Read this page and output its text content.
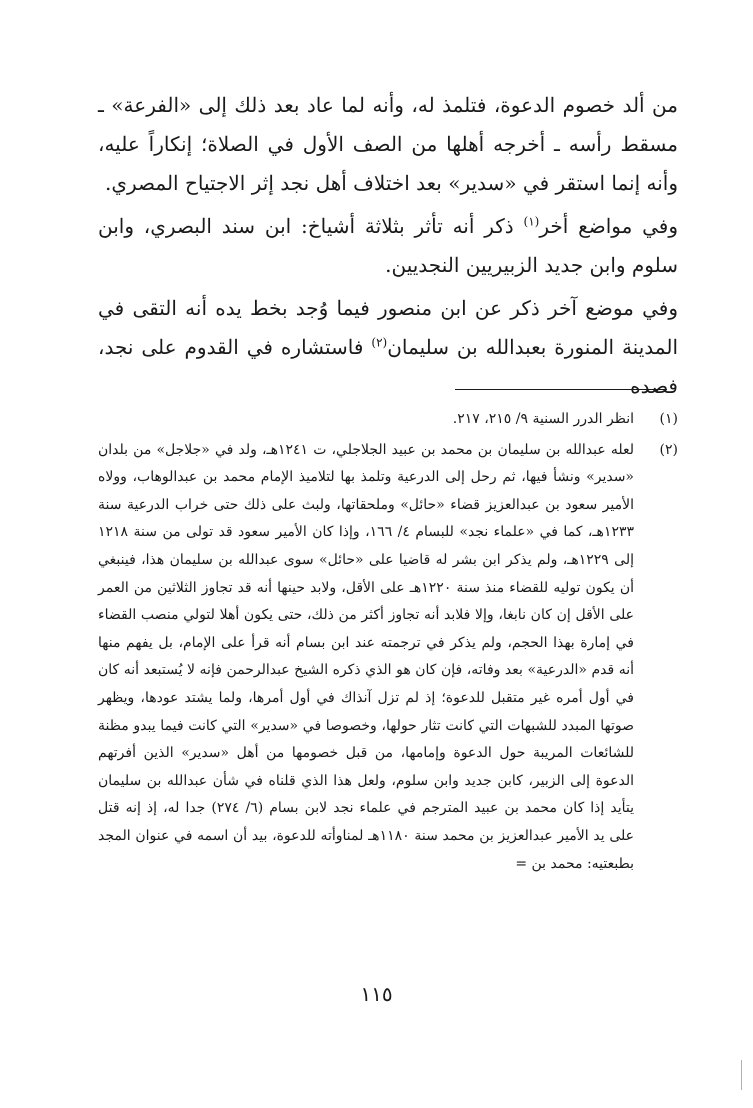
من ألد خصوم الدعوة، فتلمذ له، وأنه لما عاد بعد ذلك إلى «الفرعة» ـ مسقط رأسه ـ أخرجه أهلها من الصف الأول في الصلاة؛ إنكاراً عليه، وأنه إنما استقر في «سدير» بعد اختلاف أهل نجد إثر الاجتياح المصري.

وفي مواضع أخر$^{(١)}$ ذكر أنه تأثر بثلاثة أشياخ: ابن سند البصري، وابن سلوم وابن جديد الزبيريين النجديين.

وفي موضع آخر ذكر عن ابن منصور فيما وُجد بخط يده أنه التقى في المدينة المنورة بعبدالله بن سليمان$^{(٢)}$ فاستشاره في القدوم على نجد، فصده

(١)
انظر الدرر السنية ٩/ ٢١٥، ٢١٧.
(٢)
لعله عبدالله بن سليمان بن محمد بن عبيد الجلاجلي، ت ١٢٤١هـ، ولد في «جلاجل» من بلدان «سدير» ونشأ فيها، ثم رحل إلى الدرعية وتلمذ بها لتلاميذ الإمام محمد بن عبدالوهاب، وولاه الأمير سعود بن عبدالعزيز قضاء «حائل» وملحقاتها، ولبث على ذلك حتى خراب الدرعية سنة ١٢٣٣هـ، كما في «علماء نجد» للبسام ٤/ ١٦٦، وإذا كان الأمير سعود قد تولى من سنة ١٢١٨ إلى ١٢٢٩هـ، ولم يذكر ابن بشر له قاضيا على «حائل» سوى عبدالله بن سليمان هذا، فينبغي أن يكون توليه للقضاء منذ سنة ١٢٢٠هـ على الأقل، ولابد حينها أنه قد تجاوز الثلاثين من العمر على الأقل إن كان نابغا، وإلا فلابد أنه تجاوز أكثر من ذلك، حتى يكون أهلا لتولي منصب القضاء في إمارة بهذا الحجم، ولم يذكر في ترجمته عند ابن بسام أنه قرأ على الإمام، بل يفهم منها أنه قدم «الدرعية» بعد وفاته، فإن كان هو الذي ذكره الشيخ عبدالرحمن فإنه لا يُستبعد أنه كان في أول أمره غير متقبل للدعوة؛ إذ لم تزل آنذاك في أول أمرها، ولما يشتد عودها، ويظهر صوتها المبدد للشبهات التي كانت تثار حولها، وخصوصا في «سدير» التي كانت فيما يبدو مظنة للشائعات المريبة حول الدعوة وإمامها، من قبل خصومها من أهل «سدير» الذين أفرتهم الدعوة إلى الزبير، كابن جديد وابن سلوم، ولعل هذا الذي قلناه في شأن عبدالله بن سليمان يتأيد إذا كان محمد بن عبيد المترجم في علماء نجد لابن بسام (٦/ ٢٧٤) جدا له، إذ إنه قتل على يد الأمير عبدالعزيز بن محمد سنة ١١٨٠هـ لمناوأته للدعوة، بيد أن اسمه في عنوان المجد بطبعتيه: محمد بن =
١١٥
